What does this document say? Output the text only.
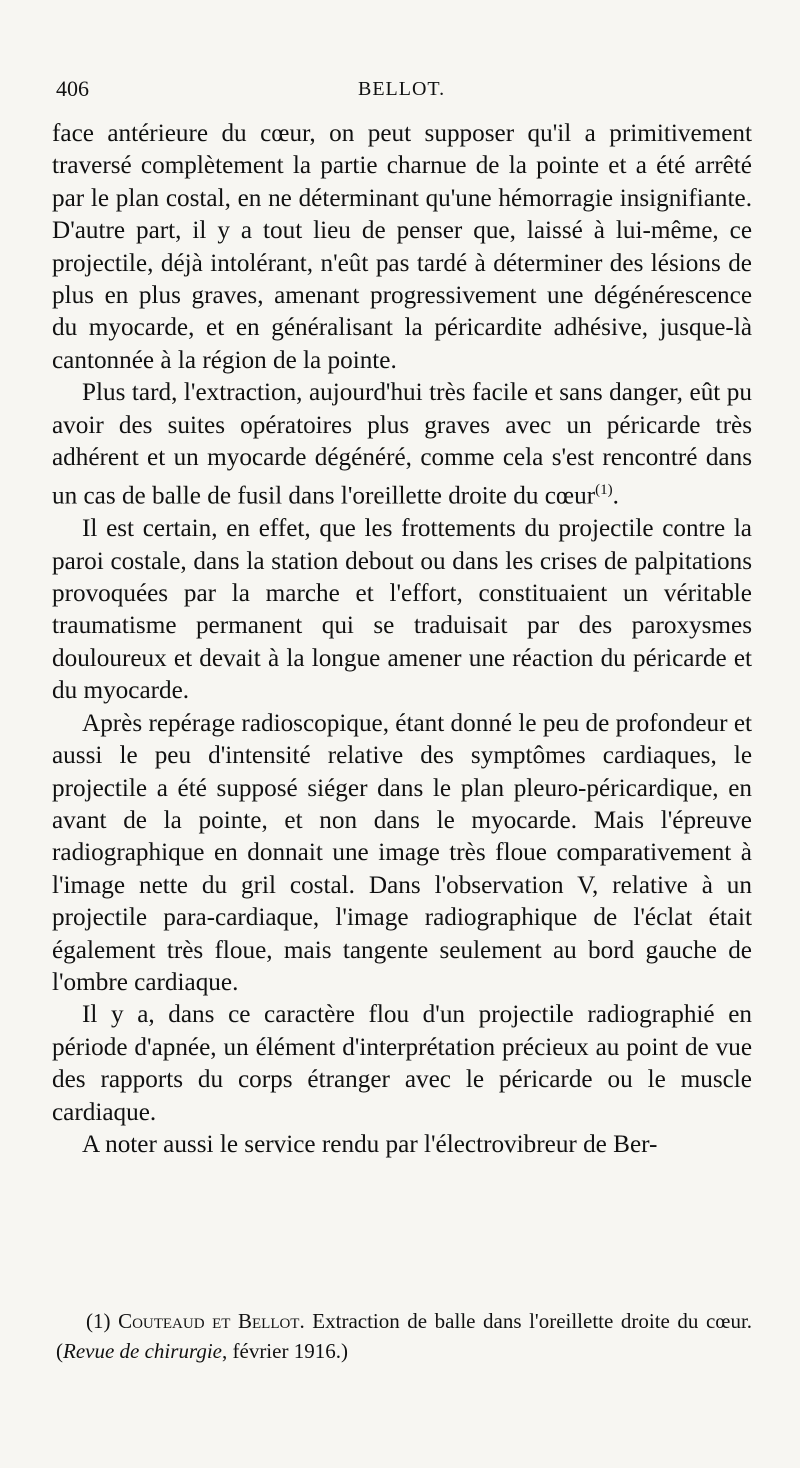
406	BELLOT.

face antérieure du cœur, on peut supposer qu'il a primitivement traversé complètement la partie charnue de la pointe et a été arrêté par le plan costal, en ne déterminant qu'une hémorragie insignifiante. D'autre part, il y a tout lieu de penser que, laissé à lui-même, ce projectile, déjà intolérant, n'eût pas tardé à déterminer des lésions de plus en plus graves, amenant progressivement une dégénérescence du myocarde, et en généralisant la péricardite adhésive, jusque-là cantonnée à la région de la pointe.

Plus tard, l'extraction, aujourd'hui très facile et sans danger, eût pu avoir des suites opératoires plus graves avec un péricarde très adhérent et un myocarde dégénéré, comme cela s'est rencontré dans un cas de balle de fusil dans l'oreillette droite du cœur$^{(1)}$.

Il est certain, en effet, que les frottements du projectile contre la paroi costale, dans la station debout ou dans les crises de palpitations provoquées par la marche et l'effort, constituaient un véritable traumatisme permanent qui se traduisait par des paroxysmes douloureux et devait à la longue amener une réaction du péricarde et du myocarde.

Après repérage radioscopique, étant donné le peu de profondeur et aussi le peu d'intensité relative des symptômes cardiaques, le projectile a été supposé siéger dans le plan pleuro-péricardique, en avant de la pointe, et non dans le myocarde. Mais l'épreuve radiographique en donnait une image très floue comparativement à l'image nette du gril costal. Dans l'observation V, relative à un projectile para-cardiaque, l'image radiographique de l'éclat était également très floue, mais tangente seulement au bord gauche de l'ombre cardiaque.

Il y a, dans ce caractère flou d'un projectile radiographié en période d'apnée, un élément d'interprétation précieux au point de vue des rapports du corps étranger avec le péricarde ou le muscle cardiaque.

A noter aussi le service rendu par l'électrovibreur de Ber-

(1) Couteaud et Bellot. Extraction de balle dans l'oreillette droite du cœur. (Revue de chirurgie, février 1916.)
